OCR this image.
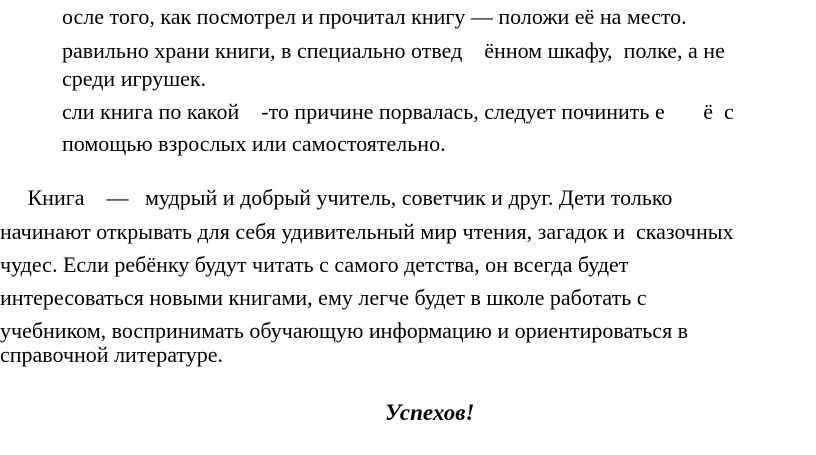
осле того, как посмотрел и прочитал книгу — положи её на место.
равильно храни книги, в специально отвед    ённом шкафу,  полке, а не
среди игрушек.
сли книга по какой    -то причине порвалась, следует починить е       ё  с
помощью взрослых или самостоятельно.
Книга    —   мудрый и добрый учитель, советчик и друг. Дети только
начинают открывать для себя удивительный мир чтения, загадок и  сказочных
чудес. Если ребёнку будут читать с самого детства, он всегда будет
интересоваться новыми книгами, ему легче будет в школе работать с
учебником, воспринимать обучающую информацию и ориентироваться в
справочной литературе.
Успехов!
